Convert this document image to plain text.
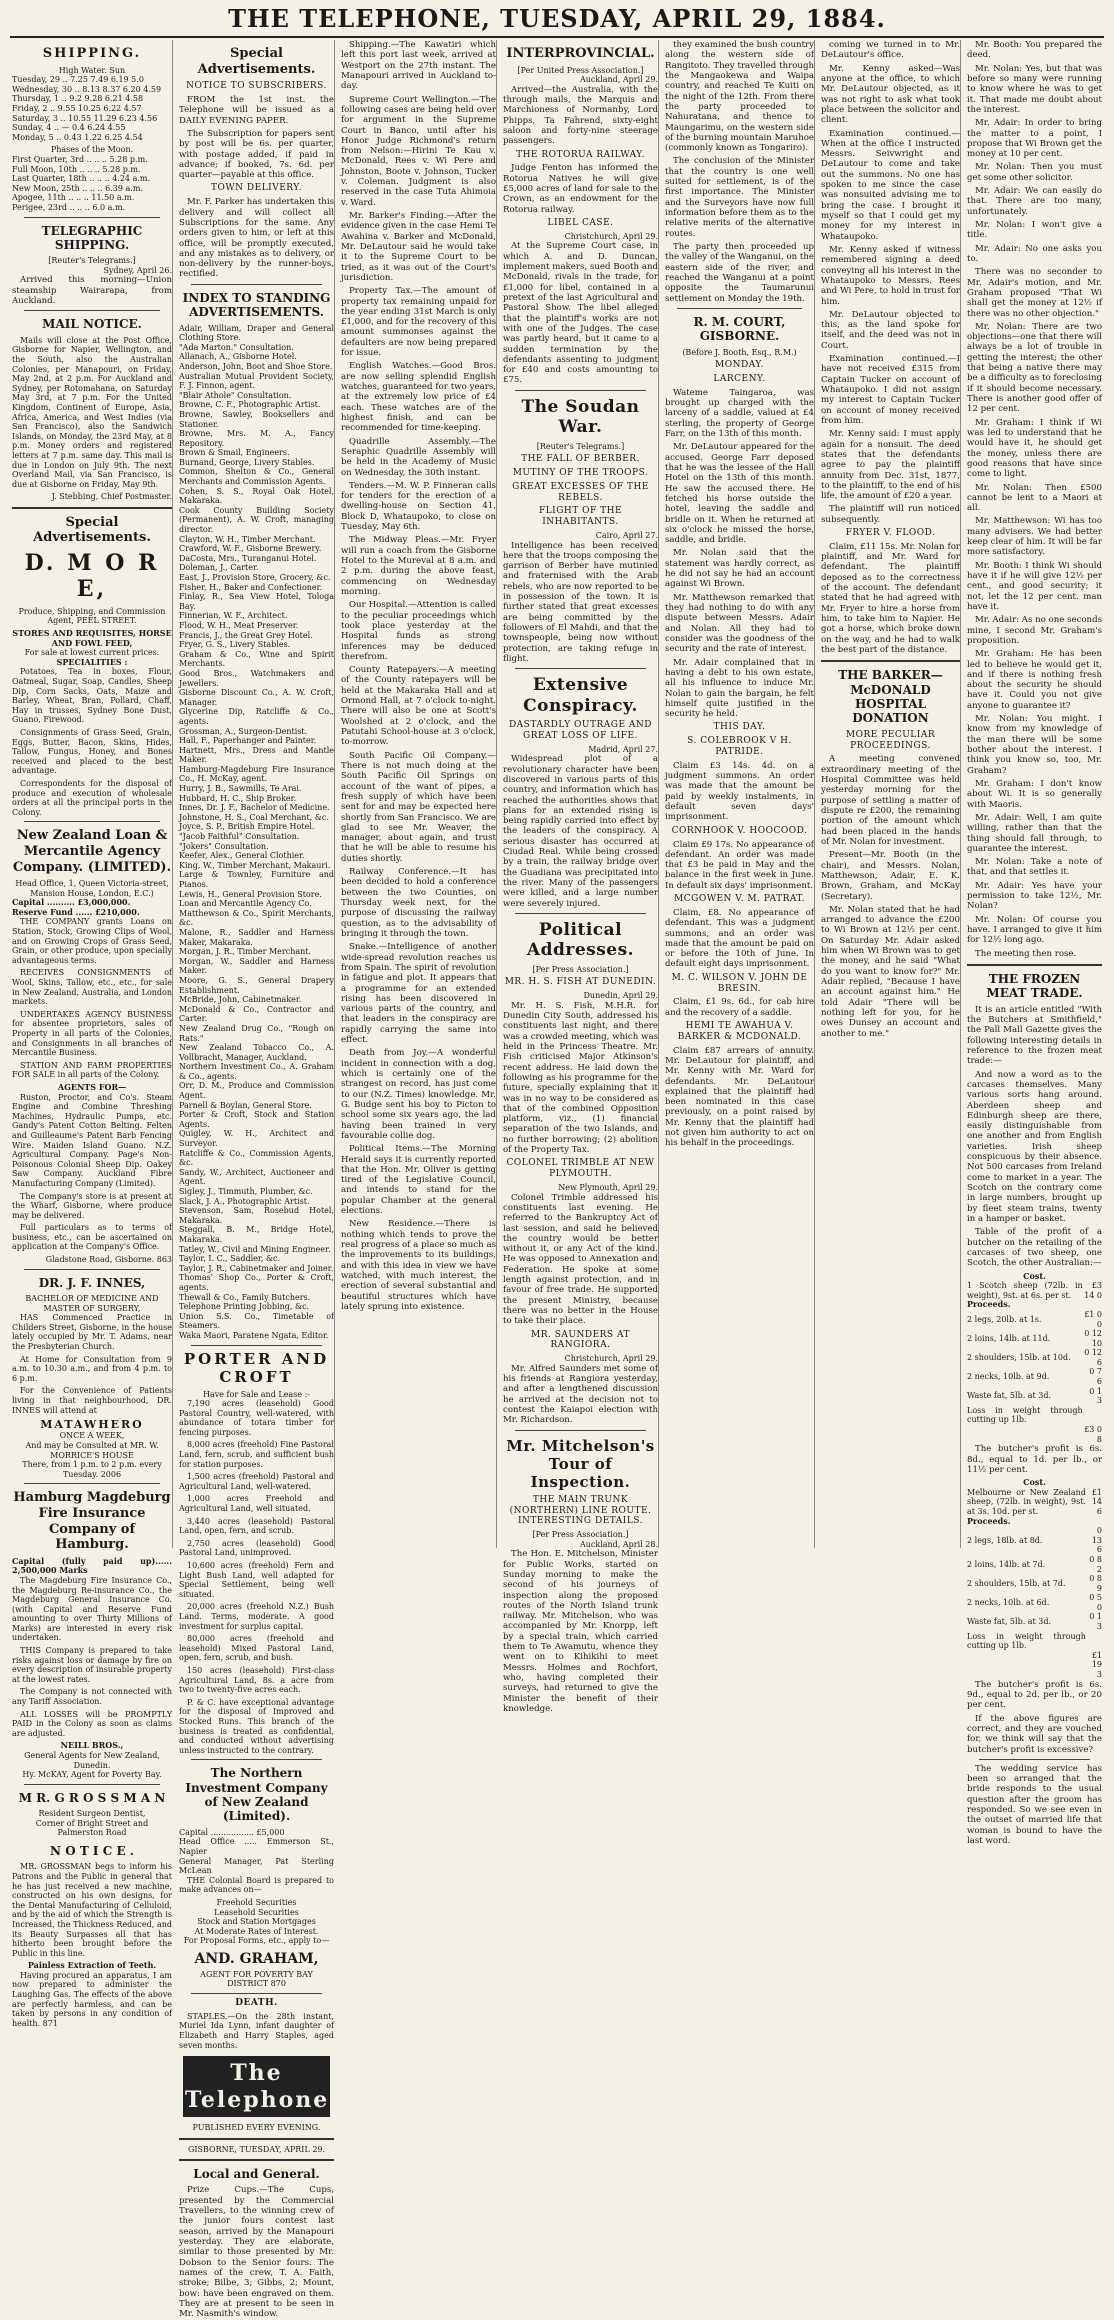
THE TELEPHONE, TUESDAY, APRIL 29, 1884.
SHIPPING.
High Water. Sun
Tuesday, 29 .. 7.25 7.49 6.19 5.0
Wednesday, 30 .. 8.13 8.37 6.20 4.59
Thursday, 1 .. 9.2 9.28 6.21 4.58
Friday, 2 .. 9.55 10.25 6.22 4.57
Saturday, 3 .. 10.55 11.29 6.23 4.56
Sunday, 4 .. — 0.4 6.24 4.55
Monday, 5 .. 0.43 1.22 6.25 4.54
Phases of the Moon.
First Quarter, 3rd .. .. .. 5.28 p.m.
Full Moon, 10th .. .. .. 5.28 p.m.
Last Quarter, 18th .. .. .. 4.24 a.m.
New Moon, 25th .. .. .. 6.39 a.m.
Apogee, 11th .. .. .. 11.50 a.m.
Perigee, 23rd .. .. .. 6.0 a.m.
TELEGRAPHIC SHIPPING.
[Reuter's Telegrams.]
Sydney, April 26.

Arrived this morning—Union steamship Wairarapa, from Auckland.

MAIL NOTICE.

Mails will close at the Post Office, Gisborne for Napier, Wellington, and the South, also the Australian Colonies, per Manapouri, on Friday, May 2nd, at 2 p.m. For Auckland and Sydney, per Rotomahana, on Saturday May 3rd, at 7 p.m. For the United Kingdom, Continent of Europe, Asia, Africa, America, and West Indies (via San Francisco), also the Sandwich Islands, on Monday, the 23rd May, at 8 p.m. Money orders and registered letters at 7 p.m. same day. This mail is due in London on July 9th. The next Overland Mail, via San Francisco, is due at Gisborne on Friday, May 9th.

J. Stebbing, Chief Postmaster.
Special Advertisements.
D. M O R E,
Produce, Shipping, and Commission Agent, PEEL STREET.
STORES AND REQUISITES, HORSE AND FOWL FEED,
For sale at lowest current prices.
SPECIALITIES :

Potatoes, Tea in boxes, Flour, Oatmeal, Sugar, Soap, Candles, Sheep Dip, Corn Sacks, Oats, Maize and Barley, Wheat, Bran, Pollard, Chaff, Hay in trusses, Sydney Bone Dust, Guano, Firewood.

Consignments of Grass Seed, Grain, Eggs, Butter, Bacon, Skins, Hides, Tallow, Fungus, Honey, and Bones received and placed to the best advantage.

Correspondents for the disposal of produce and execution of wholesale orders at all the principal ports in the Colony.

New Zealand Loan & Mercantile Agency Company. (LIMITED).
Head Office, 1, Queen Victoria-street, Mansion House, London, E.C.)
Capital .......... £3,000,000.
Reserve Fund ...... £210,000.

THE COMPANY grants Loans on Station, Stock, Growing Clips of Wool, and on Growing Crops of Grass Seed, Grain, or other produce, upon specially advantageous terms.

RECEIVES CONSIGNMENTS of Wool, Skins, Tallow, etc., etc., for sale in New Zealand, Australia, and London markets.

UNDERTAKES AGENCY BUSINESS for absentee proprietors, sales of Property in all parts of the Colonies, and Consignments in all branches of Mercantile Business.

STATION AND FARM PROPERTIES FOR SALE in all parts of the Colony.

AGENTS FOR—

Ruston, Proctor, and Co's. Steam Engine and Combine Threshing Machines, Hydraulic Pumps, etc. Gandy's Patent Cotton Belting. Felten and Guilleaume's Patent Barb Fencing Wire. Maiden Island Guano. N.Z. Agricultural Company. Page's Non-Poisonous Colonial Sheep Dip. Oakey Saw Company. Auckland Fibre Manufacturing Company (Limited).

The Company's store is at present at the Wharf, Gisborne, where produce may be delivered.

Full particulars as to terms of business, etc., can be ascertained on application at the Company's Office.

Gladstone Road, Gisborne. 863
DR. J. F. INNES,
BACHELOR OF MEDICINE AND MASTER OF SURGERY,

HAS Commenced Practice in Childers Street, Gisborne, in the house lately occupied by Mr. T. Adams, near the Presbyterian Church.

At Home for Consultation from 9 a.m. to 10.30 a.m., and from 4 p.m. to 6 p.m.

For the Convenience of Patients living in that neighbourhood, DR. INNES will attend at

MATAWHERO
ONCE A WEEK,
And may be Consulted at MR. W. MORRICE'S HOUSE
There, from 1 p.m. to 2 p.m. every Tuesday. 2006
Hamburg Magdeburg Fire Insurance Company of Hamburg.
Capital (fully paid up)...... 2,500,000 Marks

The Magdeburg Fire Insurance Co., the Magdeburg Re-insurance Co., the Magdeburg General Insurance Co. (with Capital and Reserve Fund amounting to over Thirty Millions of Marks) are interested in every risk undertaken.

THIS Company is prepared to take risks against loss or damage by fire on every description of insurable property at the lowest rates.

The Company is not connected with any Tariff Association.

ALL LOSSES will be PROMPTLY PAID in the Colony as soon as claims are adjusted.

NEILL BROS.,
General Agents for New Zealand, Dunedin.
Hy. McKAY, Agent for Poverty Bay.
M R. G R O S S M A N
Resident Surgeon Dentist,
Corner of Bright Street and Palmerston Road
N O T I C E .

MR. GROSSMAN begs to inform his Patrons and the Public in general that he has just received a new machine, constructed on his own designs, for the Dental Manufacturing of Celluloid, and by the aid of which the Strength is Increased, the Thickness Reduced, and its Beauty Surpasses all that has hitherto been brought before the Public in this line.

Painless Extraction of Teeth.

Having procured an apparatus, I am now prepared to administer the Laughing Gas. The effects of the above are perfectly harmless, and can be taken by persons in any condition of health. 871

Special Advertisements.
NOTICE TO SUBSCRIBERS.

FROM the 1st inst. the Telephone will be issued as a DAILY EVENING PAPER.

The Subscription for papers sent by post will be 6s. per quarter, with postage added, if paid in advance; if booked, 7s. 6d. per quarter—payable at this office.

TOWN DELIVERY.

Mr. F. Parker has undertaken this delivery and will collect all Subscriptions for the same. Any orders given to him, or left at this office, will be promptly executed, and any mistakes as to delivery, or non-delivery by the runner-boys, rectified.

INDEX TO STANDING ADVERTISEMENTS.
Adair, William, Draper and General Clothing Store.
"Ada Marton." Consultation.
Allanach, A., Gisborne Hotel.
Anderson, John, Boot and Shoe Store.
Australian Mutual Provident Society, F. J. Finnon, agent.
"Blair Athole" Consultation.
Browne, C. F., Photographic Artist.
Browne, Sawley, Booksellers and Stationer.
Browne, Mrs. M. A., Fancy Repository.
Brown & Smail, Engineers.
Burnand, George, Livery Stables.
Common, Shelton & Co., General Merchants and Commission Agents.
Cohen, S. S., Royal Oak Hotel, Makaraka.
Cook County Building Society (Permanent), A. W. Croft, managing director.
Clayton, W. H., Timber Merchant.
Crawford, W. F., Gisborne Brewery.
DaCosta, Mrs., Turanganui Hotel.
Doleman, J., Carter.
East, J., Provision Store, Grocery, &c.
Fisher, H., Baker and Confectioner.
Finlay, R., Sea View Hotel, Tologa Bay.
Finnerian, W. F., Architect.
Flood, W. H., Meat Preserver.
Francis, J., the Great Grey Hotel.
Fryer, G. S., Livery Stables.
Graham & Co., Wine and Spirit Merchants.
Good Bros., Watchmakers and Jewellers.
Gisborne Discount Co., A. W. Croft, Manager.
Glycerine Dip, Ratcliffe & Co., agents.
Grossman, A., Surgeon-Dentist.
Hall, F., Paperhanger and Painter.
Hartnett, Mrs., Dress and Mantle Maker.
Hamburg-Magdeburg Fire Insurance Co., H. McKay, agent.
Hurry, J. B., Sawmills, Te Arai.
Hubbard, H. C., Ship Broker.
Innes, Dr. J. F., Bachelor of Medicine.
Johnstone, H. S., Coal Merchant, &c.
Joyce, S. P., British Empire Hotel.
"Jacob Faithful" Consultation.
"Jokers" Consultation.
Keefer, Alex., General Clothier.
King, W., Timber Merchant, Makauri.
Large & Townley, Furniture and Pianos.
Lewis, H., General Provision Store.
Loan and Mercantile Agency Co.
Matthewson & Co., Spirit Merchants, &c.
Malone, R., Saddler and Harness Maker, Makaraka.
Morgan, J. R., Timber Merchant.
Morgan, W., Saddler and Harness Maker.
Moore, G. S., General Drapery Establishment.
McBride, John, Cabinetmaker.
McDonald & Co., Contractor and Carter.
New Zealand Drug Co., "Rough on Rats."
New Zealand Tobacco Co., A. Vollbracht, Manager, Auckland.
Northern Investment Co., A. Graham & Co., agents.
Orr, D. M., Produce and Commission Agent.
Parnell & Boylan, General Store.
Porter & Croft, Stock and Station Agents.
Quigley, W. H., Architect and Surveyor.
Ratcliffe & Co., Commission Agents, &c.
Sandy, W., Architect, Auctioneer and Agent.
Sigley, J., Timmuth, Plumber, &c.
Slack, J. A., Photographic Artist.
Stevenson, Sam, Rosebud Hotel, Makaraka.
Steggall, B. M., Bridge Hotel, Makaraka.
Tatley, W., Civil and Mining Engineer.
Taylor, I. C., Saddler, &c.
Taylor, J. R., Cabinetmaker and Joiner.
Thomas' Shop Co., Porter & Croft, agents.
Thewall & Co., Family Butchers.
Telephone Printing Jobbing, &c.
Union S.S. Co., Timetable of Steamers.
Waka Maori, Paratene Ngata, Editor.
PORTER AND CROFT
Have for Sale and Lease :-

7,190 acres (leasehold) Good Pastoral Country, well-watered, with abundance of totara timber for fencing purposes.

8,000 acres (freehold) Fine Pastoral Land, fern, scrub, and sufficient bush for station purposes.

1,500 acres (freehold) Pastoral and Agricultural Land, well-watered.

1,000 acres Freehold and Agricultural Land, well situated.

3,440 acres (leasehold) Pastoral Land, open, fern, and scrub.

2,750 acres (leasehold) Good Pastoral Land, unimproved.

10,600 acres (freehold) Fern and Light Bush Land, well adapted for Special Settlement, being well situated.

20,000 acres (freehold N.Z.) Bush Land. Terms, moderate. A good investment for surplus capital.

80,000 acres (freehold and leasehold) Mixed Pastoral Land, open, fern, scrub, and bush.

150 acres (leasehold) First-class Agricultural Land, 8s. a acre from two to twenty-five acres each.

P. & C. have exceptional advantage for the disposal of Improved and Stocked Runs. This branch of the business is treated as confidential, and conducted without advertising unless instructed to the contrary.

The Northern Investment Company of New Zealand (Limited).
Capital ................. £5,000
Head Office ..... Emmerson St., Napier
General Manager, Pat Sterling McLean

THE Colonial Board is prepared to make advances on—

Freehold Securities
Leasehold Securities
Stock and Station Mortgages
At Moderate Rates of Interest.
For Proposal Forms, etc., apply to—
AND. GRAHAM,
AGENT FOR POVERTY BAY DISTRICT 870
DEATH.

STAPLES.—On the 28th instant, Muriel Ida Lynn, infant daughter of Elizabeth and Harry Staples, aged seven months.

The Telephone.
PUBLISHED EVERY EVENING.
GISBORNE, TUESDAY, APRIL 29.
Local and General.

Prize Cups.—The Cups, presented by the Commercial Travellers, to the winning crew of the junior fours contest last season, arrived by the Manapouri yesterday. They are elaborate, similar to those presented by Mr. Dobson to the Senior fours. The names of the crew, T. A. Faith, stroke; Bilbe, 3; Gibbs, 2; Mount, bow: have been engraved on them. They are at present to be seen in Mr. Nasmith's window.

Shipping.—The Kawatiri which left this port last week, arrived at Westport on the 27th instant. The Manapouri arrived in Auckland to-day.

Supreme Court Wellington.—The following cases are being held over for argument in the Supreme Court in Banco, until after his Honor Judge Richmond's return from Nelson:—Hirini Te Kau v. McDonald, Rees v. Wi Pere and Johnston, Boote v. Johnson, Tucker v. Coleman. Judgment is also reserved in the case Tuta Ahimoia v. Ward.

Mr. Barker's Finding.—After the evidence given in the case Hemi Te Awahina v. Barker and McDonald, Mr. DeLautour said he would take it to the Supreme Court to be tried, as it was out of the Court's jurisdiction.

Property Tax.—The amount of property tax remaining unpaid for the year ending 31st March is only £1,000, and for the recovery of this amount summonses against the defaulters are now being prepared for issue.

English Watches.—Good Bros. are now selling splendid English watches, guaranteed for two years, at the extremely low price of £4 each. These watches are of the highest finish, and can be recommended for time-keeping.

Quadrille Assembly.—The Seraphic Quadrille Assembly will be held in the Academy of Music on Wednesday, the 30th instant.

Tenders.—M. W. P. Finneran calls for tenders for the erection of a dwelling-house on Section 41, Block D, Whataupoko, to close on Tuesday, May 6th.

The Midway Pleas.—Mr. Fryer will run a coach from the Gisborne Hotel to the Mureval at 8 a.m. and 2 p.m. during the above feast, commencing on Wednesday morning.

Our Hospital.—Attention is called to the peculiar proceedings which took place yesterday at the Hospital funds as strong inferences may be deduced therefrom.

County Ratepayers.—A meeting of the County ratepayers will be held at the Makaraka Hall and at Ormond Hall, at 7 o'clock to-night. There will also be one at Scott's Woolshed at 2 o'clock, and the Patutahi School-house at 3 o'clock, to-morrow.

South Pacific Oil Company.—There is not much doing at the South Pacific Oil Springs on account of the want of pipes, a fresh supply of which have been sent for and may be expected here shortly from San Francisco. We are glad to see Mr. Weaver, the manager, about again, and trust that he will be able to resume his duties shortly.

Railway Conference.—It has been decided to hold a conference between the two Counties, on Thursday week next, for the purpose of discussing the railway question, as to the advisability of bringing it through the town.

Snake.—Intelligence of another wide-spread revolution reaches us from Spain. The spirit of revolution in fatigue and plot. It appears that a programme for an extended rising has been discovered in various parts of the country, and that leaders in the conspiracy are rapidly carrying the same into effect.

Death from Joy.—A wonderful incident in connection with a dog, which is certainly one of the strangest on record, has just come to our (N.Z. Times) knowledge. Mr. G. Budge sent his boy to Picton to school some six years ago, the lad having been trained in very favourable collie dog.

Political Items.—The Morning Herald says it is currently reported that the Hon. Mr. Oliver is getting tired of the Legislative Council, and intends to stand for the popular Chamber at the general elections.

New Residence.—There is nothing which tends to prove the real progress of a place so much as the improvements to its buildings, and with this idea in view we have watched, with much interest, the erection of several substantial and beautiful structures which have lately sprung into existence.

INTERPROVINCIAL.
[Per United Press Association.]
Auckland, April 29.

Arrived—the Australia, with the through mails, the Marquis and Marchioness of Normanby, Lord Phipps, Ta Fahrend, sixty-eight saloon and forty-nine steerage passengers.

THE ROTORUA RAILWAY.

Judge Fenton has informed the Rotorua Natives he will give £5,000 acres of land for sale to the Crown, as an endowment for the Rotorua railway.

LIBEL CASE.
Christchurch, April 29.

At the Supreme Court case, in which A. and D. Duncan, implement makers, sued Booth and McDonald, rivals in the trade, for £1,000 for libel, contained in a pretext of the last Agricultural and Pastoral Show. The libel alleged that the plaintiff's works are not with one of the Judges. The case was partly heard, but it came to a sudden termination by the defendants assenting to judgment for £40 and costs amounting to £75.

The Soudan War.
[Reuter's Telegrams.]
THE FALL OF BERBER.
MUTINY OF THE TROOPS.
GREAT EXCESSES OF THE REBELS.
FLIGHT OF THE INHABITANTS.
Cairo, April 27.

Intelligence has been received here that the troops composing the garrison of Berber have mutinied and fraternised with the Arab rebels, who are now reported to be in possession of the town. It is further stated that great excesses are being committed by the followers of El Mahdi, and that the townspeople, being now without protection, are taking refuge in flight.

Extensive Conspiracy.
DASTARDLY OUTRAGE AND GREAT LOSS OF LIFE.
Madrid, April 27.

Widespread plot of a revolutionary character have been discovered in various parts of this country, and information which has reached the authorities shows that plans for an extended rising is being rapidly carried into effect by the leaders of the conspiracy. A serious disaster has occurred at Ciudad Real. While being crossed by a train, the railway bridge over the Guadiana was precipitated into the river. Many of the passengers were killed, and a large number were severely injured.

Political Addresses.
[Per Press Association.]
MR. H. S. FISH AT DUNEDIN.
Dunedin, April 29.

Mr. H. S. Fish, M.H.R. for Dunedin City South, addressed his constituents last night, and there was a crowded meeting, which was held in the Princess Theatre. Mr. Fish criticised Major Atkinson's recent address. He laid down the following as his programme for the future, specially explaining that it was in no way to be considered as that of the combined Opposition platform, viz., (1) financial separation of the two Islands, and no further borrowing; (2) abolition of the Property Tax.

COLONEL TRIMBLE AT NEW PLYMOUTH.
New Plymouth, April 29.

Colonel Trimble addressed his constituents last evening. He referred to the Bankruptcy Act of last session, and said he believed the country would be better without it, or any Act of the kind. He was opposed to Annexation and Federation. He spoke at some length against protection, and in favour of free trade. He supported the present Ministry, because there was no better in the House to take their place.

MR. SAUNDERS AT RANGIORA.
Christchurch, April 29.

Mr. Alfred Saunders met some of his friends at Rangiora yesterday, and after a lengthened discussion he arrived at the decision not to contest the Kaiapoi election with Mr. Richardson.

Mr. Mitchelson's Tour of Inspection.
THE MAIN TRUNK (NORTHERN) LINE ROUTE. INTERESTING DETAILS.
[Per Press Association.]
Auckland, April 28.

The Hon. E. Mitchelson, Minister for Public Works, started on Sunday morning to make the second of his journeys of inspection along the proposed routes of the North Island trunk railway. Mr. Mitchelson, who was accompanied by Mr. Knorpp, left by a special train, which carried them to Te Awamutu, whence they went on to Kihikihi to meet Messrs. Holmes and Rochfort, who, having completed their surveys, had returned to give the Minister the benefit of their knowledge.

they examined the bush country along the western side of Rangitoto. They travelled through the Mangaokewa and Waipa country, and reached Te Kuiti on the night of the 12th. From there the party proceeded to Nahuratana, and thence to Maungarimu, on the western side of the burning mountain Maruhoe (commonly known as Tongariro).

The conclusion of the Minister that the country is one well suited for settlement, is of the first importance. The Minister and the Surveyors have now full information before them as to the relative merits of the alternative routes.

The party then proceeded up the valley of the Wanganui, on the eastern side of the river, and reached the Wanganui at a point opposite the Taumarunui settlement on Monday the 19th.

R. M. COURT, GISBORNE.
(Before J. Booth, Esq., R.M.)
MONDAY.
LARCENY.

Wateme Taingaroa, was brought up charged with the larceny of a saddle, valued at £4 sterling, the property of George Farr, on the 13th of this month.

Mr. DeLautour appeared for the accused. George Farr deposed that he was the lessee of the Hall Hotel on the 13th of this month. He saw the accused there. He fetched his horse outside the hotel, leaving the saddle and bridle on it. When he returned at six o'clock he missed the horse, saddle, and bridle.

Mr. Nolan said that the statement was hardly correct, as he did not say he had an account against Wi Brown.

Mr. Matthewson remarked that they had nothing to do with any dispute between Messrs. Adair and Nolan. All they had to consider was the goodness of the security and the rate of interest.

Mr. Adair complained that in having a debt to his own estate, all his influence to induce Mr. Nolan to gain the bargain, he felt himself quite justified in the security he held.

THIS DAY.
S. COLEBROOK V H. PATRIDE.

Claim £3 14s. 4d. on a judgment summons. An order was made that the amount be paid by weekly instalments, in default seven days' imprisonment.

CORNHOOK V. HOOCOOD.

Claim £9 17s. No appearance of defendant. An order was made that £3 be paid in May and the balance in the first week in June. In default six days' imprisonment.

MCGOWEN V. M. PATRAT.

Claim, £8. No appearance of defendant. This was a judgment summons, and an order was made that the amount be paid on or before the 10th of June. In default eight days imprisonment.

M. C. WILSON V. JOHN DE BRESIN.

Claim, £1 9s. 6d., for cab hire and the recovery of a saddle.

HEMI TE AWAHUA V. BARKER & MCDONALD.

Claim £87 arrears of annuity. Mr. DeLautour for plaintiff, and Mr. Kenny with Mr. Ward for defendants. Mr. DeLautour explained that the plaintiff had been nominated in this case previously, on a point raised by Mr. Kenny that the plaintiff had not given him authority to act on his behalf in the proceedings.

coming we turned in to Mr. DeLautour's office.

Mr. Kenny asked—Was anyone at the office, to which Mr. DeLautour objected, as it was not right to ask what took place between the solicitor and client.

Examination continued.—When at the office I instructed Messrs. Seivwright and DeLautour to come and take out the summons. No one has spoken to me since the case was nonsuited advising me to bring the case. I brought it myself so that I could get my money for my interest in Whataupoko.

Mr. Kenny asked if witness remembered signing a deed conveying all his interest in the Whataupoko to Messrs. Rees and Wi Pere, to hold in trust for him.

Mr. DeLautour objected to this, as the land spoke for itself, and the deed was not in Court.

Examination continued.—I have not received £315 from Captain Tucker on account of Whataupoko. I did not assign my interest to Captain Tucker on account of money received from him.

Mr. Kenny said: I must apply again for a nonsuit. The deed states that the defendants agree to pay the plaintiff annuity from Dec. 31st, 1877, to the plaintiff, to the end of his life, the amount of £20 a year.

The plaintiff will run noticed subsequently.

FRYER V. FLOOD.

Claim, £11 15s. Mr. Nolan for plaintiff, and Mr. Ward for defendant. The plaintiff deposed as to the correctness of the account. The defendant stated that he had agreed with Mr. Fryer to hire a horse from him, to take him to Napier. He got a horse, which broke down on the way, and he had to walk the best part of the distance.

THE BARKER—McDONALD HOSPITAL DONATION
MORE PECULIAR PROCEEDINGS.

A meeting convened extraordinary meeting of the Hospital Committee was held yesterday morning for the purpose of settling a matter of dispute re £200, the remaining portion of the amount which had been placed in the hands of Mr. Nolan for investment.

Present—Mr. Booth (in the chair), and Messrs. Nolan, Matthewson, Adair, E. K. Brown, Graham, and McKay (Secretary).

Mr. Nolan stated that he had arranged to advance the £200 to Wi Brown at 12½ per cent. On Saturday Mr. Adair asked him when Wi Brown was to get the money, and he said "What do you want to know for?" Mr. Adair replied, "Because I have an account against him." He told Adair "There will be nothing left for you, for he owes Dunsey an account and another to me."

Mr. Booth: You prepared the deed.

Mr. Nolan: Yes, but that was before so many were running to know where he was to get it. That made me doubt about the interest.

Mr. Adair: In order to bring the matter to a point, I propose that Wi Brown get the money at 10 per cent.

Mr. Nolan: Then you must get some other solicitor.

Mr. Adair: We can easily do that. There are too many, unfortunately.

Mr. Nolan: I won't give a title.

Mr. Adair: No one asks you to.

There was no seconder to Mr. Adair's motion, and Mr. Graham proposed "That Wi shall get the money at 12½ if there was no other objection."

Mr. Nolan: There are two objections—one that there will always be a lot of trouble in getting the interest; the other that being a native there may be a difficulty as to foreclosing if it should become necessary. There is another good offer of 12 per cent.

Mr. Graham: I think if Wi was led to understand that he would have it, he should get the money, unless there are good reasons that have since come to light.

Mr. Nolan: Then £500 cannot be lent to a Maori at all.

Mr. Matthewson: Wi has too many advisers. We had better keep clear of him. It will be far more satisfactory.

Mr. Booth: I think Wi should have it if he will give 12½ per cent., and good security; it not, let the 12 per cent. man have it.

Mr. Adair: As no one seconds mine, I second Mr. Graham's proposition.

Mr. Graham: He has been led to believe he would get it, and if there is nothing fresh about the security he should have it. Could you not give anyone to guarantee it?

Mr. Nolan: You might. I know from my knowledge of the man there will be some bother about the interest. I think you know so, too, Mr. Graham?

Mr. Graham: I don't know about Wi. It is so generally with Maoris.

Mr. Adair: Well, I am quite willing, rather than that the thing should fall through, to guarantee the interest.

Mr. Nolan: Take a note of that, and that settles it.

Mr. Adair: Yes have your permission to take 12½, Mr. Nolan?

Mr. Nolan: Of course you have. I arranged to give it him for 12½ long ago.

The meeting then rose.

THE FROZEN MEAT TRADE.

It is an article entitled "With the Butchers at Smithfield," the Pall Mall Gazette gives the following interesting details in reference to the frozen meat trade:—

And now a word as to the carcases themselves. Many various sorts hang around. Aberdeen sheep and Edinburgh sheep are there, easily distinguishable from one another and from English varieties. Irish sheep conspicuous by their absence. Not 500 carcases from Ireland come to market in a year. The Scotch on the contrary come in large numbers, brought up by fleet steam trains, twenty in a hamper or basket.

Table of the profit of a butcher on the retailing of the carcases of two sheep, one Scotch, the other Australian:—

Cost.
1 Scotch sheep (72lb. in weight), 9st. at 6s. per st.	£3 14 0
Proceeds.	
2 legs, 20lb. at 1s.	£1 0 0
2 loins, 14lb. at 11d.	0 12 10
2 shoulders, 15lb. at 10d.	0 12 6
2 necks, 10lb. at 9d.	0 7 6
Waste fat, 5lb. at 3d.	0 1 3
Loss in weight through cutting up 1lb.	
	£3 0 8

The butcher's profit is 6s. 8d., equal to 1d. per lb., or 11½ per cent.

Cost.
Melbourne or New Zealand sheep, (72lb. in weight), 9st. at 3s. 10d. per st.	£1 14 6
Proceeds.	
2 legs, 18lb. at 8d.	0 13 6
2 loins, 14lb. at 7d.	0 8 2
2 shoulders, 15lb. at 7d.	0 8 9
2 necks, 10lb. at 6d.	0 5 0
Waste fat, 5lb. at 3d.	0 1 3
Loss in weight through cutting up 1lb.	
	£1 19 3

The butcher's profit is 6s. 9d., equal to 2d. per lb., or 20 per cent.

If the above figures are correct, and they are vouched for, we think will say that the butcher's profit is excessive?

The wedding service has been so arranged that the bride responds to the usual question after the groom has responded. So we see even in the outset of married life that woman is bound to have the last word.
